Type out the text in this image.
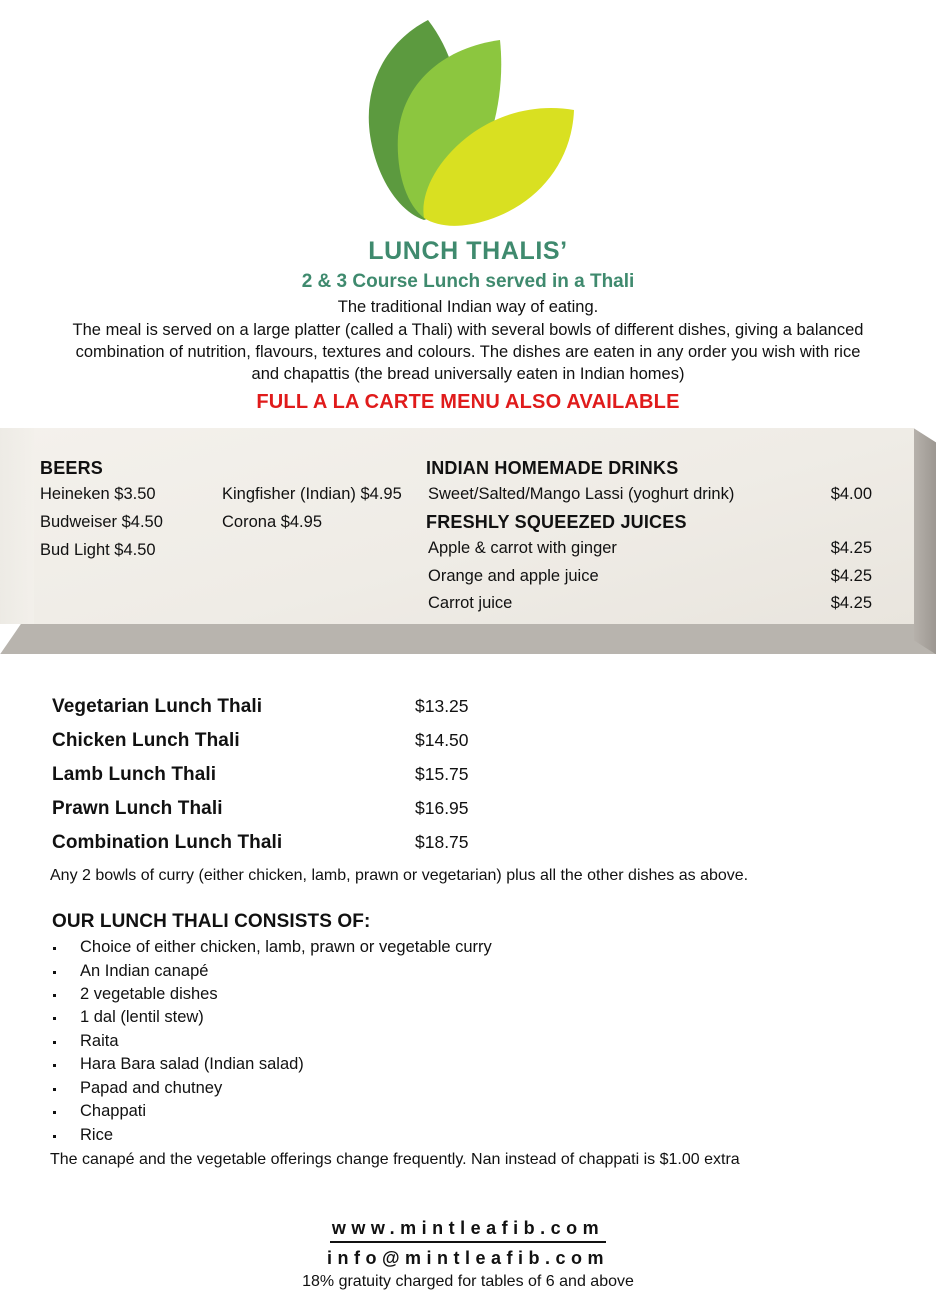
LUNCH THALIS’
2 & 3 Course Lunch served in a Thali

The traditional Indian way of eating.

The meal is served on a large platter (called a Thali) with several bowls of different dishes, giving a balanced

combination of nutrition, flavours, textures and colours. The dishes are eaten in any order you wish with rice

and chapattis (the bread universally eaten in Indian homes)

FULL A LA CARTE MENU ALSO AVAILABLE
BEERS
Heineken $3.50	Kingfisher (Indian) $4.95
Budweiser $4.50	Corona $4.95
Bud Light $4.50
INDIAN HOMEMADE DRINKS
Sweet/Salted/Mango Lassi (yoghurt drink)	$4.00
FRESHLY SQUEEZED JUICES
Apple & carrot with ginger	$4.25
Orange and apple juice	$4.25
Carrot juice	$4.25
Vegetarian Lunch Thali	$13.25
Chicken Lunch Thali	$14.50
Lamb Lunch Thali	$15.75
Prawn Lunch Thali	$16.95
Combination Lunch Thali	$18.75
Any 2 bowls of curry (either chicken, lamb, prawn or vegetarian) plus all the other dishes as above.
OUR LUNCH THALI CONSISTS OF:
Choice of either chicken, lamb, prawn or vegetable curry
An Indian canapé
2 vegetable dishes
1 dal (lentil stew)
Raita
Hara Bara salad (Indian salad)
Papad and chutney
Chappati
Rice
The canapé and the vegetable offerings change frequently. Nan instead of chappati is $1.00 extra
www.mintleafib.com
info@mintleafib.com
18% gratuity charged for tables of 6 and above
